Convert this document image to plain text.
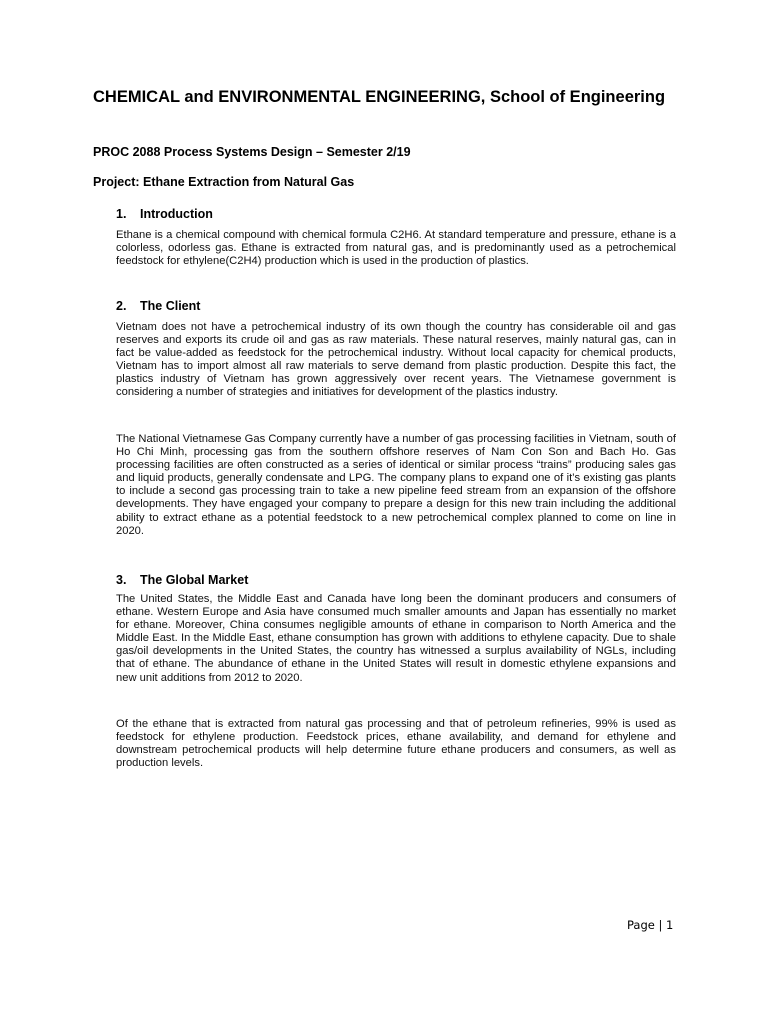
CHEMICAL and ENVIRONMENTAL ENGINEERING, School of Engineering

PROC 2088 Process Systems Design – Semester 2/19

Project: Ethane Extraction from Natural Gas

1. Introduction

Ethane is a chemical compound with chemical formula C2H6. At standard temperature and pressure, ethane is a colorless, odorless gas. Ethane is extracted from natural gas, and is predominantly used as a petrochemical feedstock for ethylene(C2H4) production which is used in the production of plastics.

2. The Client

Vietnam does not have a petrochemical industry of its own though the country has considerable oil and gas reserves and exports its crude oil and gas as raw materials. These natural reserves, mainly natural gas, can in fact be value-added as feedstock for the petrochemical industry. Without local capacity for chemical products, Vietnam has to import almost all raw materials to serve demand from plastic production. Despite this fact, the plastics industry of Vietnam has grown aggressively over recent years. The Vietnamese government is considering a number of strategies and initiatives for development of the plastics industry.

The National Vietnamese Gas Company currently have a number of gas processing facilities in Vietnam, south of Ho Chi Minh, processing gas from the southern offshore reserves of Nam Con Son and Bach Ho. Gas processing facilities are often constructed as a series of identical or similar process “trains” producing sales gas and liquid products, generally condensate and LPG. The company plans to expand one of it’s existing gas plants to include a second gas processing train to take a new pipeline feed stream from an expansion of the offshore developments. They have engaged your company to prepare a design for this new train including the additional ability to extract ethane as a potential feedstock to a new petrochemical complex planned to come on line in 2020.

3. The Global Market

The United States, the Middle East and Canada have long been the dominant producers and consumers of ethane. Western Europe and Asia have consumed much smaller amounts and Japan has essentially no market for ethane. Moreover, China consumes negligible amounts of ethane in comparison to North America and the Middle East. In the Middle East, ethane consumption has grown with additions to ethylene capacity. Due to shale gas/oil developments in the United States, the country has witnessed a surplus availability of NGLs, including that of ethane. The abundance of ethane in the United States will result in domestic ethylene expansions and new unit additions from 2012 to 2020.

Of the ethane that is extracted from natural gas processing and that of petroleum refineries, 99% is used as feedstock for ethylene production. Feedstock prices, ethane availability, and demand for ethylene and downstream petrochemical products will help determine future ethane producers and consumers, as well as production levels.

Page | 1
